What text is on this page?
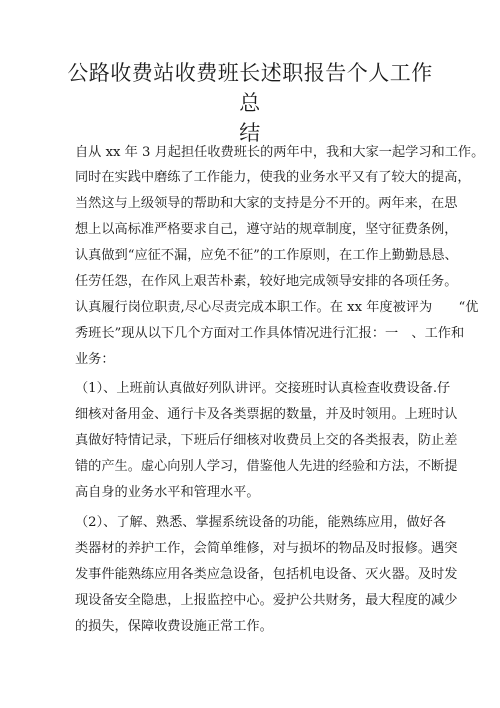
公路收费站收费班长述职报告个人工作总
结

自从 xx 年 3 月起担任收费班长的两年中，我和大家一起学习和工作。

同时在实践中磨练了工作能力，使我的业务水平又有了较大的提高，

当然这与上级领导的帮助和大家的支持是分不开的。两年来，在思

想上以高标准严格要求自己，遵守站的规章制度，坚守征费条例，

认真做到“应征不漏，应免不征”的工作原则，在工作上勤勤恳恳、

任劳任怨，在作风上艰苦朴素，较好地完成领导安排的各项任务。

认真履行岗位职责,尽心尽责完成本职工作。在 xx 年度被评为　　“优

秀班长”现从以下几个方面对工作具体情况进行汇报：一　、工作和

业务：

（1）、上班前认真做好列队讲评。交接班时认真检查收费设备.仔

细核对备用金、通行卡及各类票据的数量，并及时领用。上班时认

真做好特情记录，下班后仔细核对收费员上交的各类报表，防止差

错的产生。虚心向别人学习，借鉴他人先进的经验和方法，不断提

高自身的业务水平和管理水平。

（2）、了解、熟悉、掌握系统设备的功能，能熟练应用，做好各

类器材的养护工作，会简单维修，对与损坏的物品及时报修。遇突

发事件能熟练应用各类应急设备，包括机电设备、灭火器。及时发

现设备安全隐患，上报监控中心。爱护公共财务，最大程度的减少

的损失，保障收费设施正常工作。
